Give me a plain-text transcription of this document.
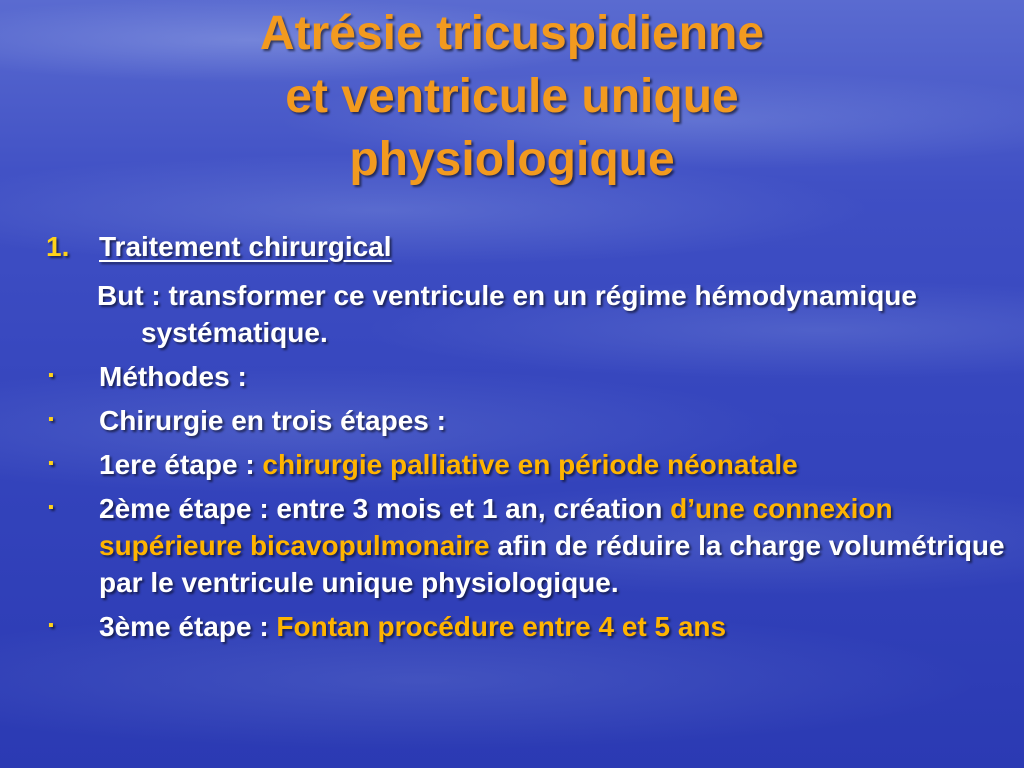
Atrésie tricuspidienne
et ventricule unique
physiologique
1. Traitement chirurgical
But : transformer ce ventricule en un régime hémodynamique systématique.
▪ Méthodes :
▪ Chirurgie en trois étapes :
▪ 1ere étape : chirurgie palliative en période néonatale
▪ 2ème étape : entre 3 mois et 1 an, création d’une connexion supérieure bicavopulmonaire afin de réduire la charge volumétrique par le ventricule unique physiologique.
▪ 3ème étape : Fontan procédure entre 4 et 5 ans
